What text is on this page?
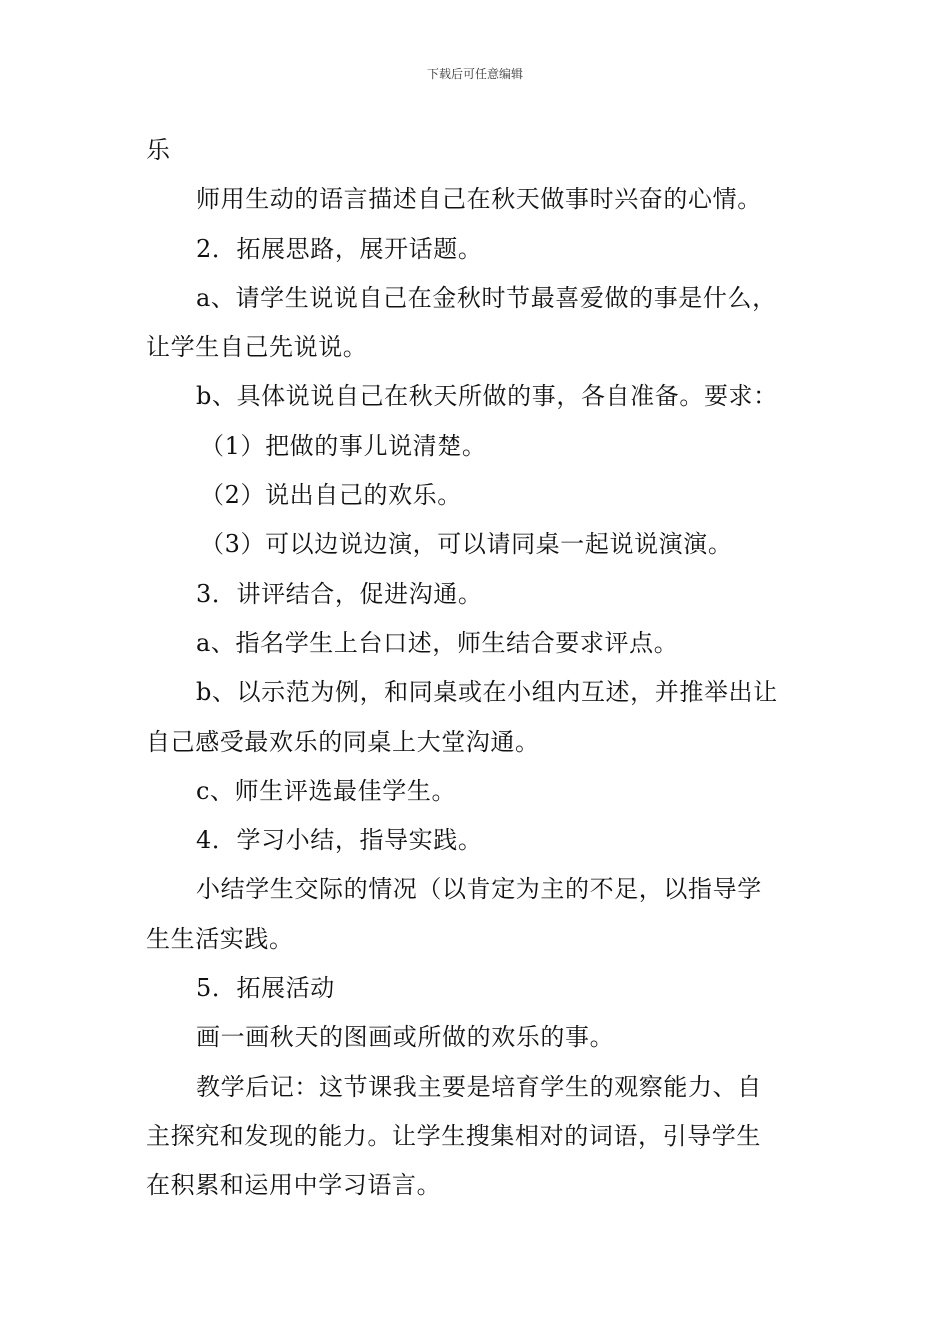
下载后可任意编辑
乐
师用生动的语言描述自己在秋天做事时兴奋的心情。
2．拓展思路，展开话题。
a、请学生说说自己在金秋时节最喜爱做的事是什么，
让学生自己先说说。
b、具体说说自己在秋天所做的事，各自准备。要求：
（1）把做的事儿说清楚。
（2）说出自己的欢乐。
（3）可以边说边演，可以请同桌一起说说演演。
3．讲评结合，促进沟通。
a、指名学生上台口述，师生结合要求评点。
b、以示范为例，和同桌或在小组内互述，并推举出让
自己感受最欢乐的同桌上大堂沟通。
c、师生评选最佳学生。
4．学习小结，指导实践。
小结学生交际的情况（以肯定为主的不足，以指导学
生生活实践。
5．拓展活动
画一画秋天的图画或所做的欢乐的事。
教学后记：这节课我主要是培育学生的观察能力、自
主探究和发现的能力。让学生搜集相对的词语，引导学生
在积累和运用中学习语言。
